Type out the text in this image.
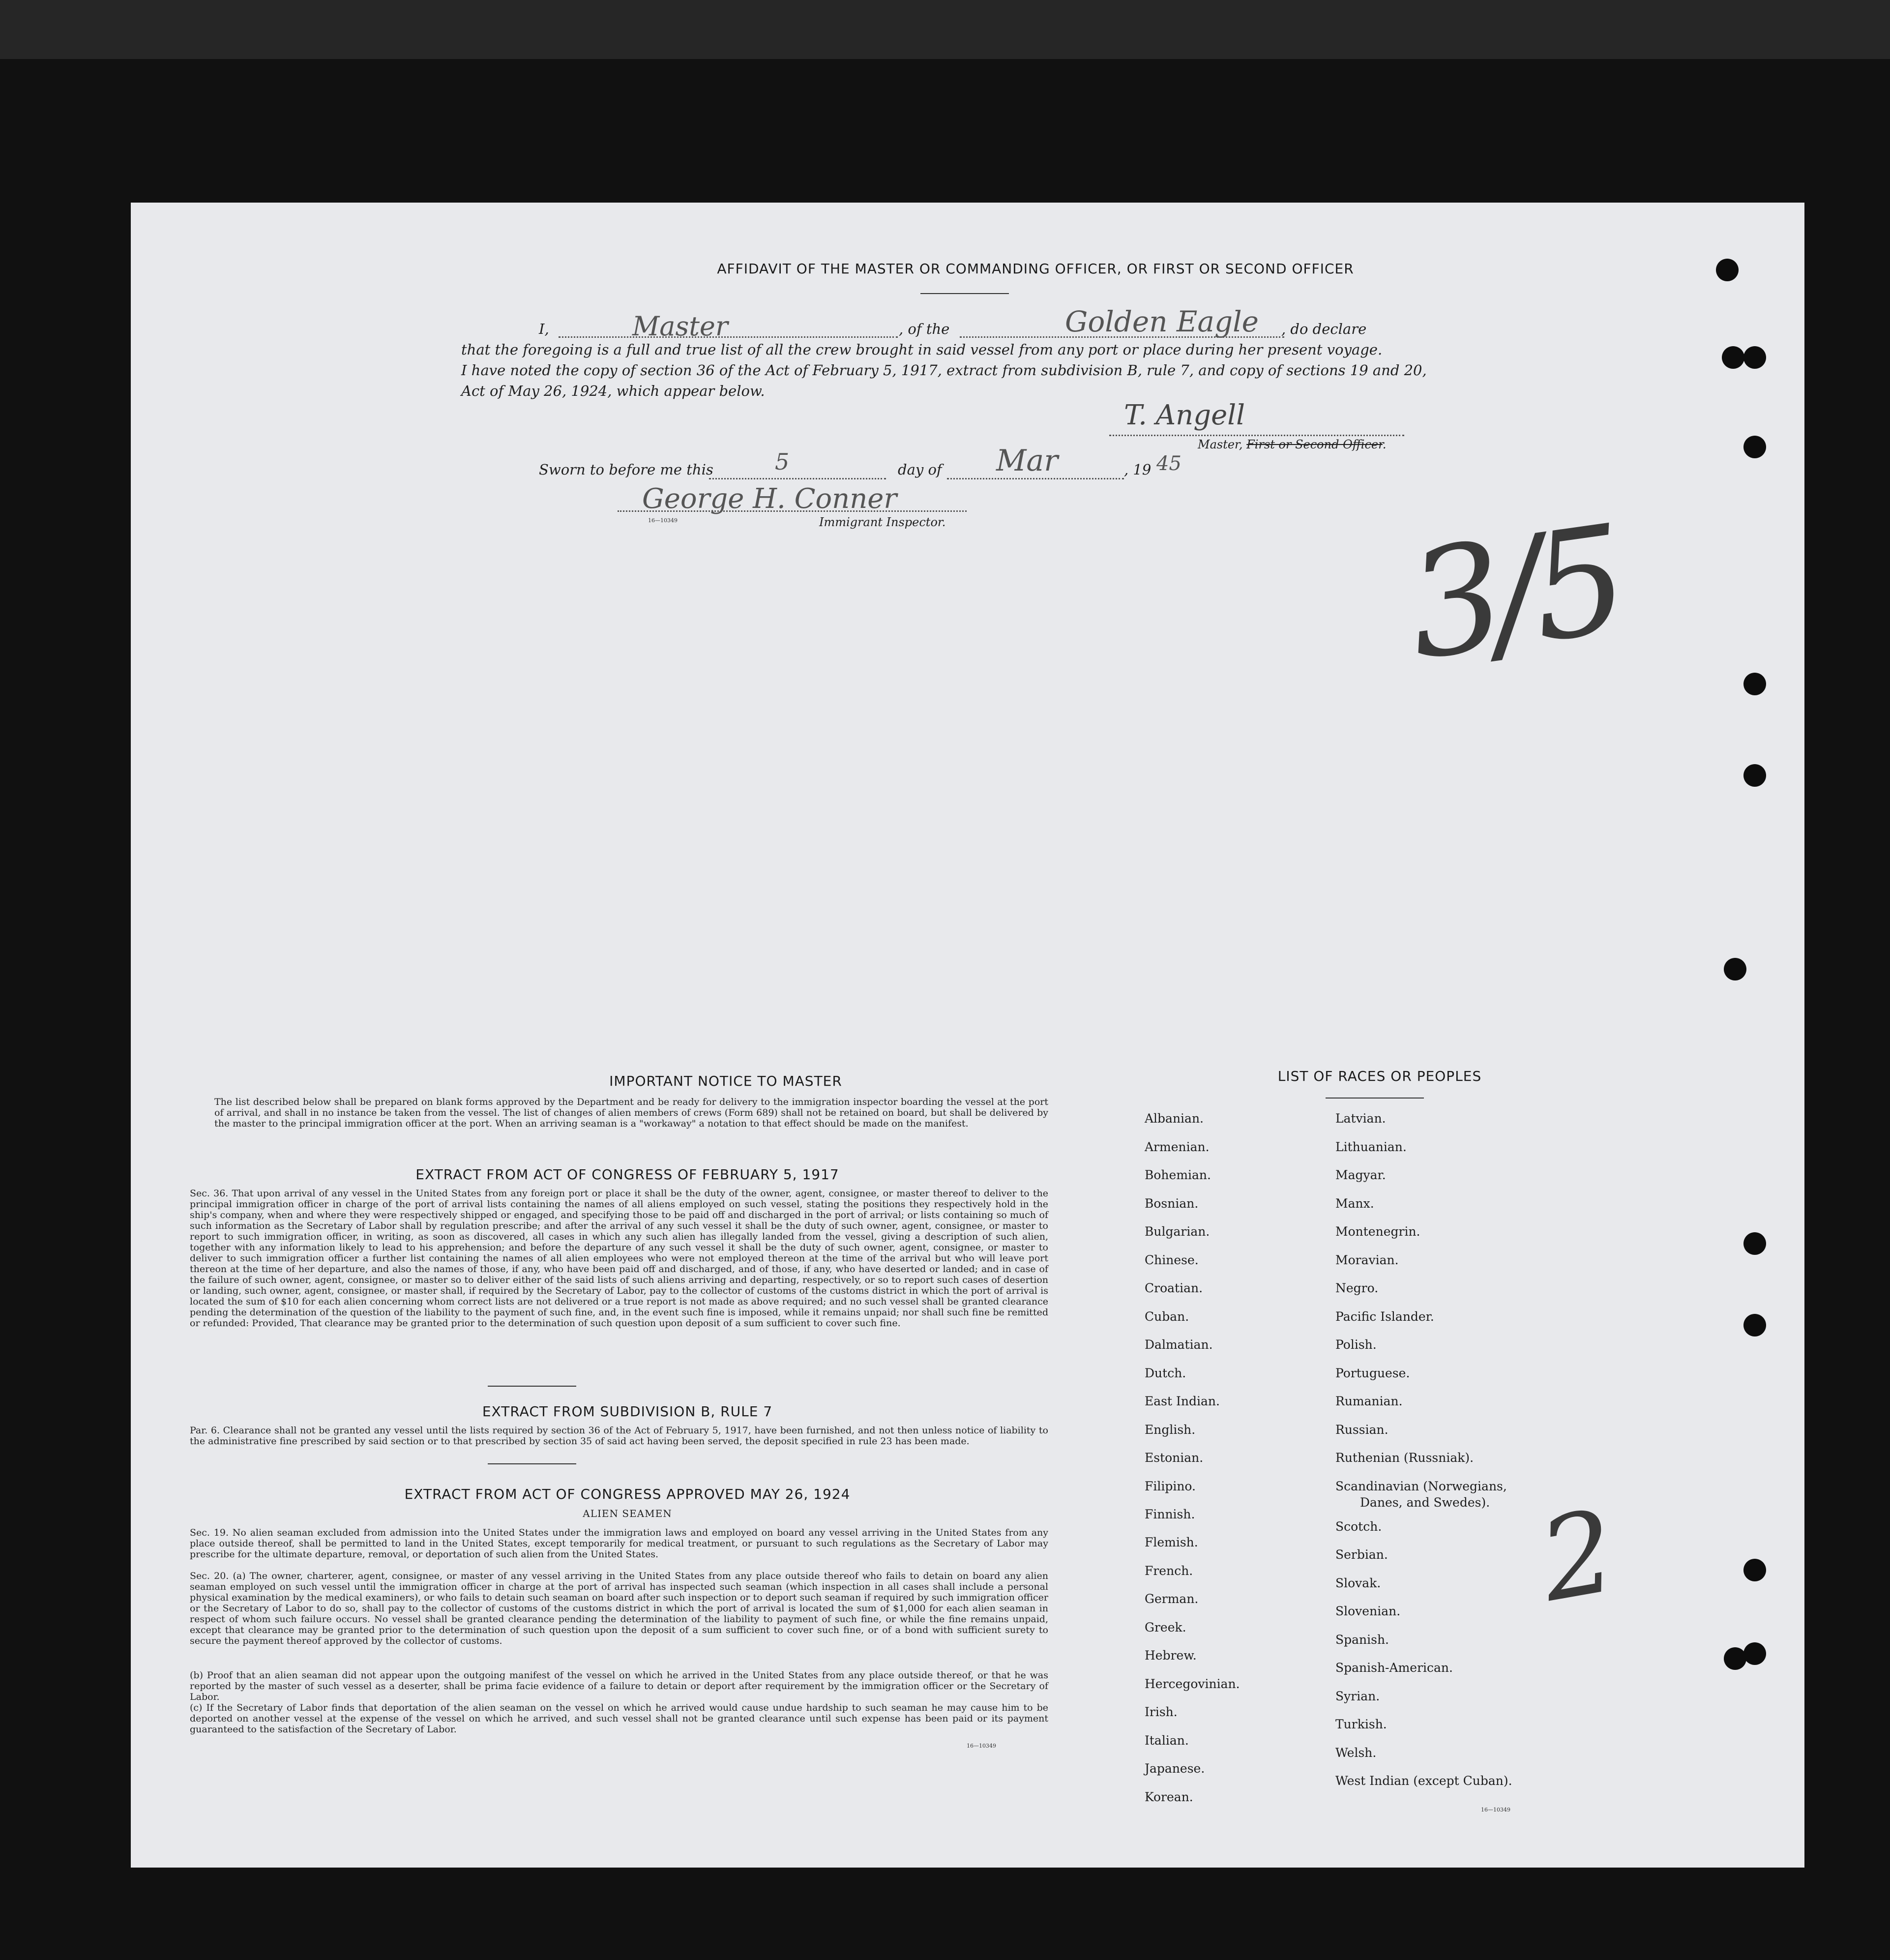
AFFIDAVIT OF THE MASTER OR COMMANDING OFFICER, OR FIRST OR SECOND OFFICER
I,	Master	, of the	Golden Eagle , do declare
that the foregoing is a full and true list of all the crew brought in said vessel from any port or place during her present voyage.
I have noted the copy of section 36 of the Act of February 5, 1917, extract from subdivision B, rule 7, and copy of sections 19 and 20,
Act of May 26, 1924, which appear below.
T. Angell
Master, First or Second Officer.
Sworn to before me this	5	day of Mar	, 19 45
George H. Conner
16—10349	Immigrant Inspector.	3/5
2
IMPORTANT NOTICE TO MASTER
The list described below shall be prepared on blank forms approved by the Department and be ready for delivery to the immigration inspector boarding the vessel at the port of arrival, and shall in no instance be taken from the vessel. The list of changes of alien members of crews (Form 689) shall not be retained on board, but shall be delivered by the master to the principal immigration officer at the port. When an arriving seaman is a "workaway" a notation to that effect should be made on the manifest.
EXTRACT FROM ACT OF CONGRESS OF FEBRUARY 5, 1917
Sec. 36. That upon arrival of any vessel in the United States from any foreign port or place it shall be the duty of the owner, agent, consignee, or master thereof to deliver to the principal immigration officer in charge of the port of arrival lists containing the names of all aliens employed on such vessel, stating the positions they respectively hold in the ship's company, when and where they were respectively shipped or engaged, and specifying those to be paid off and discharged in the port of arrival; or lists containing so much of such information as the Secretary of Labor shall by regulation prescribe; and after the arrival of any such vessel it shall be the duty of such owner, agent, consignee, or master to report to such immigration officer, in writing, as soon as discovered, all cases in which any such alien has illegally landed from the vessel, giving a description of such alien, together with any information likely to lead to his apprehension; and before the departure of any such vessel it shall be the duty of such owner, agent, consignee, or master to deliver to such immigration officer a further list containing the names of all alien employees who were not employed thereon at the time of the arrival but who will leave port thereon at the time of her departure, and also the names of those, if any, who have been paid off and discharged, and of those, if any, who have deserted or landed; and in case of the failure of such owner, agent, consignee, or master so to deliver either of the said lists of such aliens arriving and departing, respectively, or so to report such cases of desertion or landing, such owner, agent, consignee, or master shall, if required by the Secretary of Labor, pay to the collector of customs of the customs district in which the port of arrival is located the sum of $10 for each alien concerning whom correct lists are not delivered or a true report is not made as above required; and no such vessel shall be granted clearance pending the determination of the question of the liability to the payment of such fine, and, in the event such fine is imposed, while it remains unpaid; nor shall such fine be remitted or refunded: Provided, That clearance may be granted prior to the determination of such question upon deposit of a sum sufficient to cover such fine.
EXTRACT FROM SUBDIVISION B, RULE 7
Par. 6. Clearance shall not be granted any vessel until the lists required by section 36 of the Act of February 5, 1917, have been furnished, and not then unless notice of liability to the administrative fine prescribed by said section or to that prescribed by section 35 of said act having been served, the deposit specified in rule 23 has been made.
EXTRACT FROM ACT OF CONGRESS APPROVED MAY 26, 1924
ALIEN SEAMEN
Sec. 19. No alien seaman excluded from admission into the United States under the immigration laws and employed on board any vessel arriving in the United States from any place outside thereof, shall be permitted to land in the United States, except temporarily for medical treatment, or pursuant to such regulations as the Secretary of Labor may prescribe for the ultimate departure, removal, or deportation of such alien from the United States.
Sec. 20. (a) The owner, charterer, agent, consignee, or master of any vessel arriving in the United States from any place outside thereof who fails to detain on board any alien seaman employed on such vessel until the immigration officer in charge at the port of arrival has inspected such seaman (which inspection in all cases shall include a personal physical examination by the medical examiners), or who fails to detain such seaman on board after such inspection or to deport such seaman if required by such immigration officer or the Secretary of Labor to do so, shall pay to the collector of customs of the customs district in which the port of arrival is located the sum of $1,000 for each alien seaman in respect of whom such failure occurs. No vessel shall be granted clearance pending the determination of the liability to payment of such fine, or while the fine remains unpaid, except that clearance may be granted prior to the determination of such question upon the deposit of a sum sufficient to cover such fine, or of a bond with sufficient surety to secure the payment thereof approved by the collector of customs.
(b) Proof that an alien seaman did not appear upon the outgoing manifest of the vessel on which he arrived in the United States from any place outside thereof, or that he was reported by the master of such vessel as a deserter, shall be prima facie evidence of a failure to detain or deport after requirement by the immigration officer or the Secretary of Labor.
(c) If the Secretary of Labor finds that deportation of the alien seaman on the vessel on which he arrived would cause undue hardship to such seaman he may cause him to be deported on another vessel at the expense of the vessel on which he arrived, and such vessel shall not be granted clearance until such expense has been paid or its payment guaranteed to the satisfaction of the Secretary of Labor.
16—10349
LIST OF RACES OR PEOPLES
Albanian.
Armenian.
Bohemian.
Bosnian.
Bulgarian.
Chinese.
Croatian.
Cuban.
Dalmatian.
Dutch.
East Indian.
English.
Estonian.
Filipino.
Finnish.
Flemish.
French.
German.
Greek.
Hebrew.
Hercegovinian.
Irish.
Italian.
Japanese.
Korean.
Latvian.
Lithuanian.
Magyar.
Manx.
Montenegrin.
Moravian.
Negro.
Pacific Islander.
Polish.
Portuguese.
Rumanian.
Russian.
Ruthenian (Russniak).
Scandinavian (Norwegians,
Danes, and Swedes).
Scotch.
Serbian.
Slovak.
Slovenian.
Spanish.
Spanish-American.
Syrian.
Turkish.
Welsh.
West Indian (except Cuban).
16—10349
